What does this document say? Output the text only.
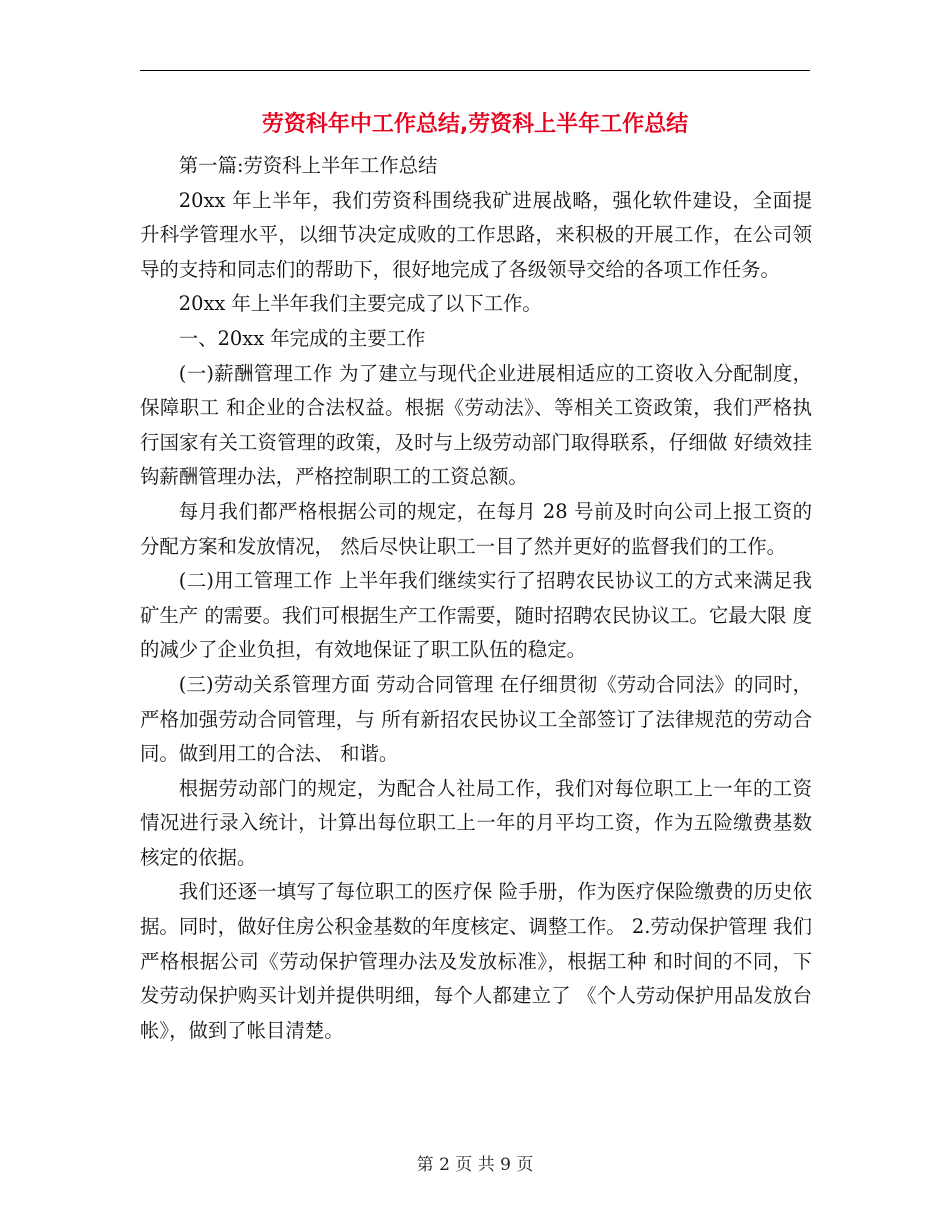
劳资科年中工作总结,劳资科上半年工作总结

第一篇:劳资科上半年工作总结

20xx 年上半年，我们劳资科围绕我矿进展战略，强化软件建设，全面提升科学管理水平，以细节决定成败的工作思路，来积极的开展工作，在公司领导的支持和同志们的帮助下，很好地完成了各级领导交给的各项工作任务。

20xx 年上半年我们主要完成了以下工作。

一、20xx 年完成的主要工作

(一)薪酬管理工作 为了建立与现代企业进展相适应的工资收入分配制度， 保障职工 和企业的合法权益。根据《劳动法》、等相关工资政策，我们严格执 行国家有关工资管理的政策，及时与上级劳动部门取得联系，仔细做 好绩效挂钩薪酬管理办法，严格控制职工的工资总额。

每月我们都严格根据公司的规定，在每月 28 号前及时向公司上报工资的分配方案和发放情况， 然后尽快让职工一目了然并更好的监督我们的工作。

(二)用工管理工作 上半年我们继续实行了招聘农民协议工的方式来满足我矿生产 的需要。我们可根据生产工作需要，随时招聘农民协议工。它最大限 度的减少了企业负担，有效地保证了职工队伍的稳定。

(三)劳动关系管理方面 劳动合同管理 在仔细贯彻《劳动合同法》的同时，严格加强劳动合同管理，与 所有新招农民协议工全部签订了法律规范的劳动合同。做到用工的合法、 和谐。

根据劳动部门的规定，为配合人社局工作，我们对每位职工上一年的工资情况进行录入统计，计算出每位职工上一年的月平均工资，作为五险缴费基数核定的依据。

我们还逐一填写了每位职工的医疗保 险手册，作为医疗保险缴费的历史依据。同时，做好住房公积金基数的年度核定、调整工作。 2.劳动保护管理 我们严格根据公司《劳动保护管理办法及发放标准》，根据工种 和时间的不同，下发劳动保护购买计划并提供明细，每个人都建立了 《个人劳动保护用品发放台帐》，做到了帐目清楚。

第 2 页 共 9 页
